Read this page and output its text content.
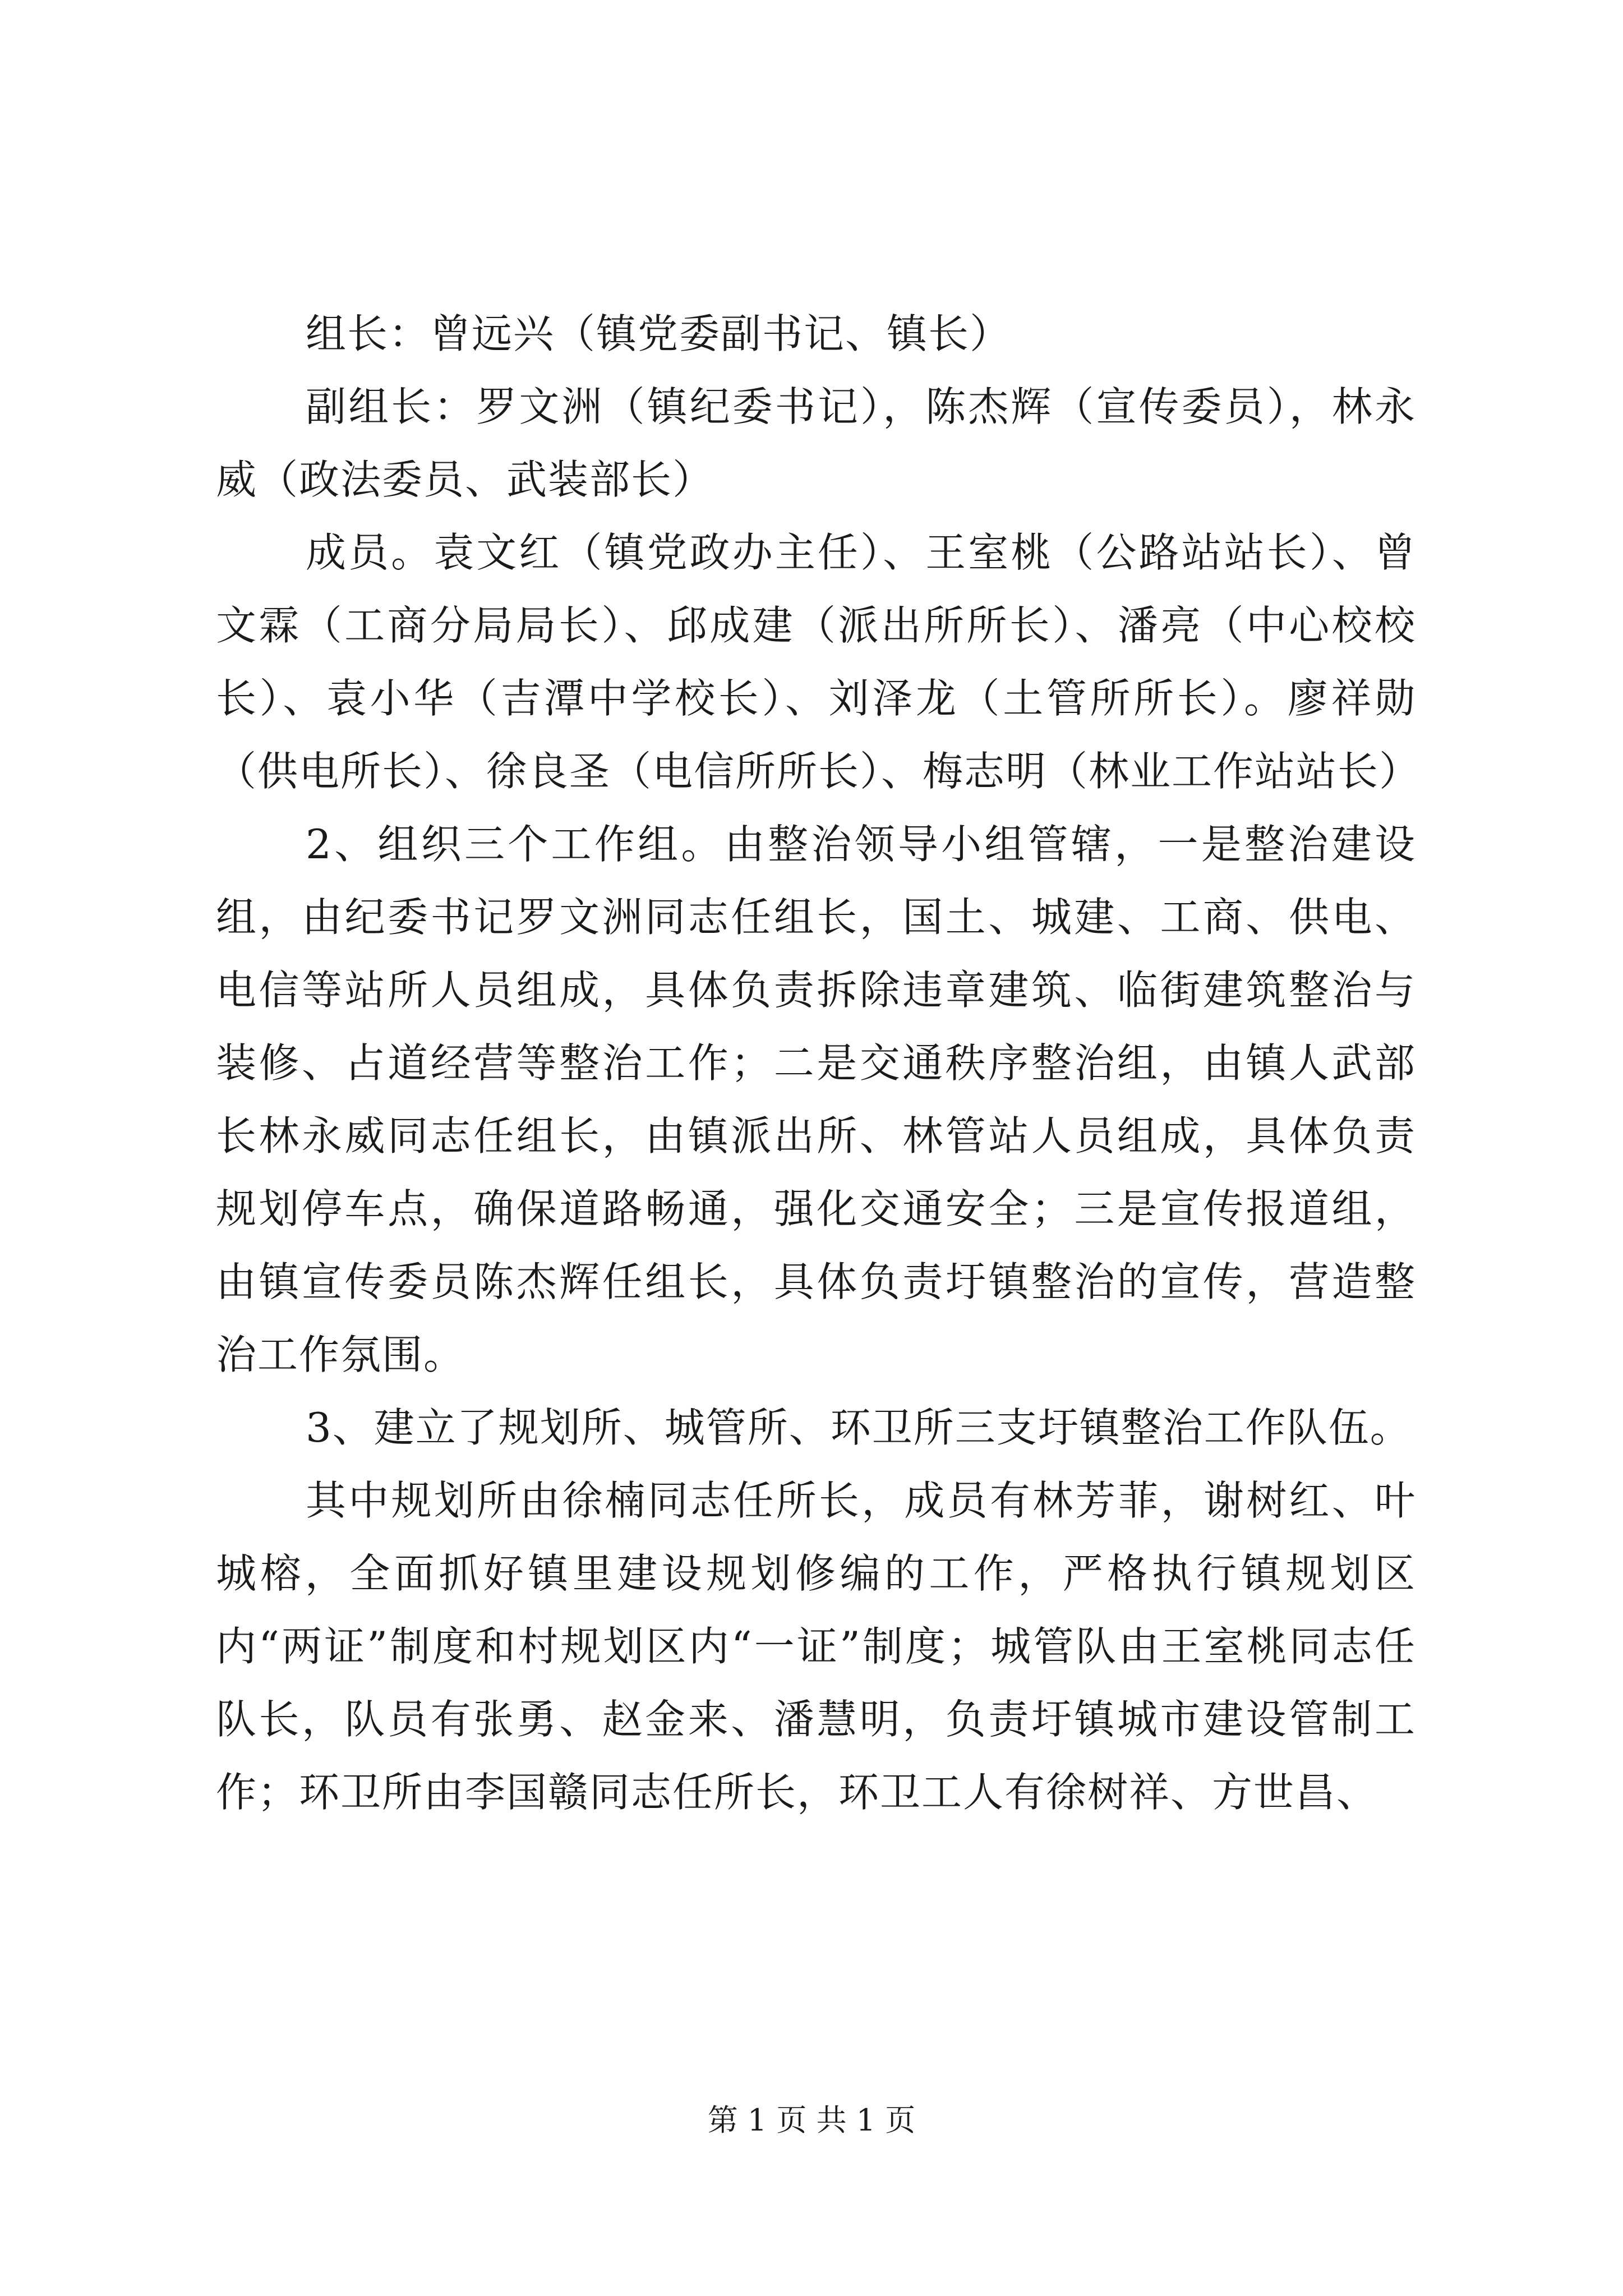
组长：曾远兴（镇党委副书记、镇长）

副组长：罗文洲（镇纪委书记），陈杰辉（宣传委员），林永威（政法委员、武装部长）

成员。袁文红（镇党政办主任）、王室桃（公路站站长）、曾文霖（工商分局局长）、邱成建（派出所所长）、潘亮（中心校校长）、袁小华（吉潭中学校长）、刘泽龙（土管所所长）。廖祥勋（供电所长）、徐良圣（电信所所长）、梅志明（林业工作站站长）

2、组织三个工作组。由整治领导小组管辖，一是整治建设组，由纪委书记罗文洲同志任组长，国土、城建、工商、供电、电信等站所人员组成，具体负责拆除违章建筑、临街建筑整治与装修、占道经营等整治工作；二是交通秩序整治组，由镇人武部长林永威同志任组长，由镇派出所、林管站人员组成，具体负责规划停车点，确保道路畅通，强化交通安全；三是宣传报道组，由镇宣传委员陈杰辉任组长，具体负责圩镇整治的宣传，营造整治工作氛围。

3、建立了规划所、城管所、环卫所三支圩镇整治工作队伍。

其中规划所由徐楠同志任所长，成员有林芳菲，谢树红、叶城榕，全面抓好镇里建设规划修编的工作，严格执行镇规划区内“两证”制度和村规划区内“一证”制度；城管队由王室桃同志任队长，队员有张勇、赵金来、潘慧明，负责圩镇城市建设管制工作；环卫所由李国赣同志任所长，环卫工人有徐树祥、方世昌、

第 1 页 共 1 页
